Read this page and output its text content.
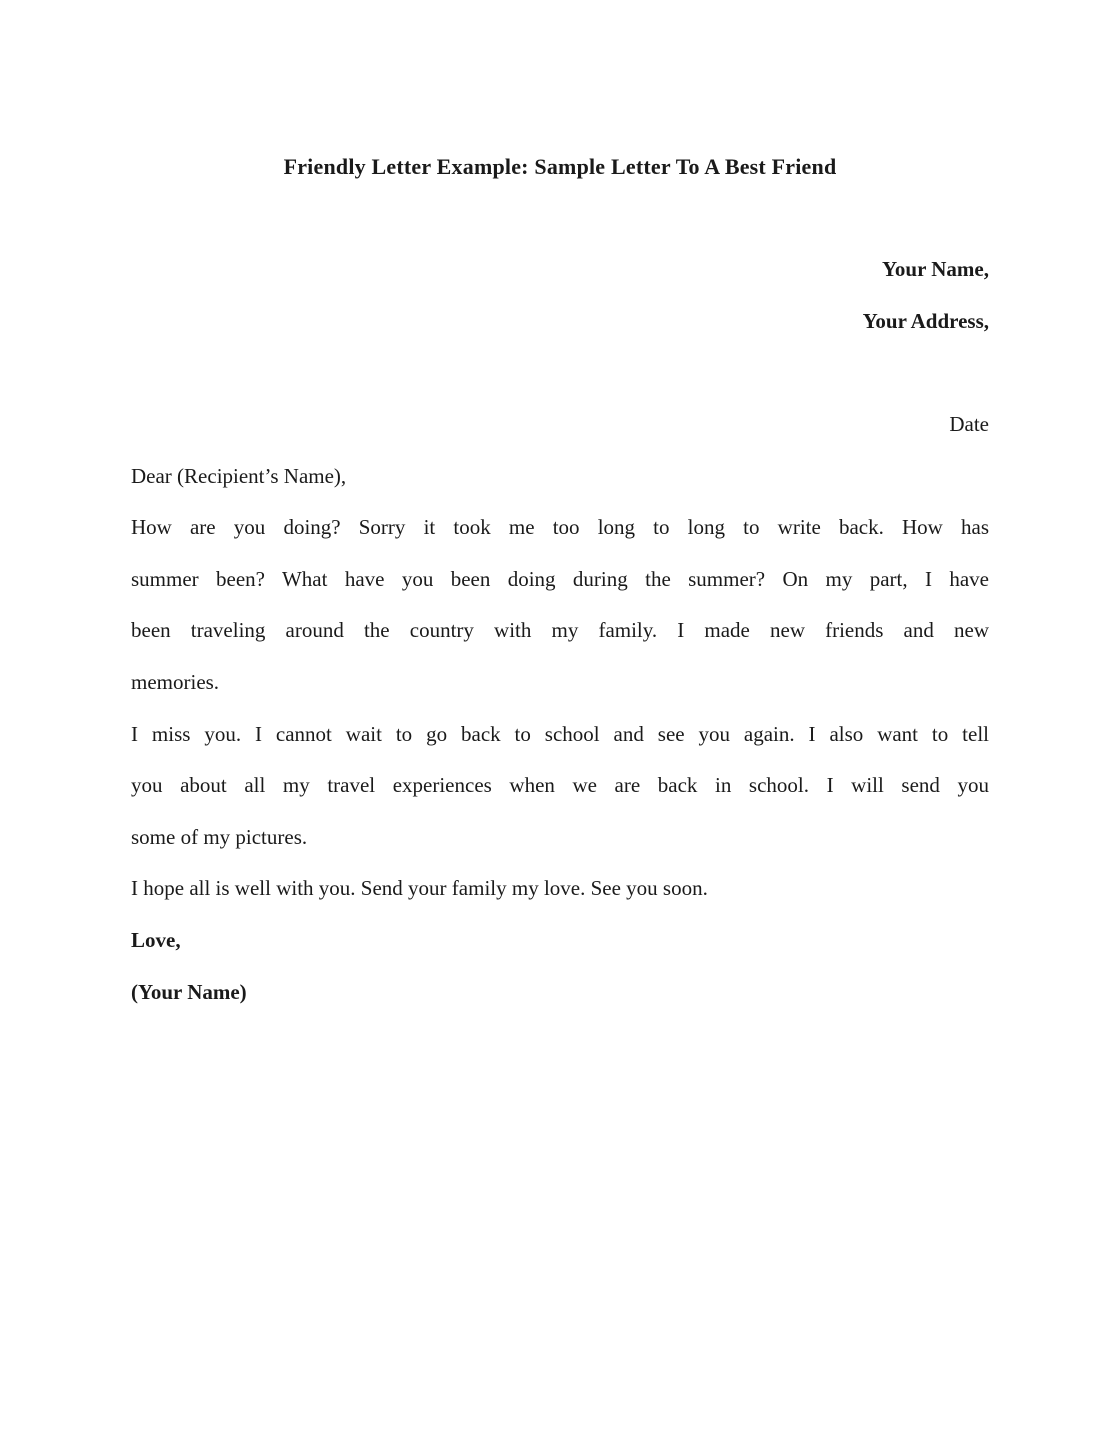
Friendly Letter Example: Sample Letter To A Best Friend
Your Name,
Your Address,
Date
Dear (Recipient’s Name),
How are you doing? Sorry it took me too long to long to write back. How has
summer been? What have you been doing during the summer? On my part, I have
been traveling around the country with my family. I made new friends and new
memories.
I miss you. I cannot wait to go back to school and see you again. I also want to tell
you about all my travel experiences when we are back in school. I will send you
some of my pictures.
I hope all is well with you. Send your family my love. See you soon.
Love,
(Your Name)
